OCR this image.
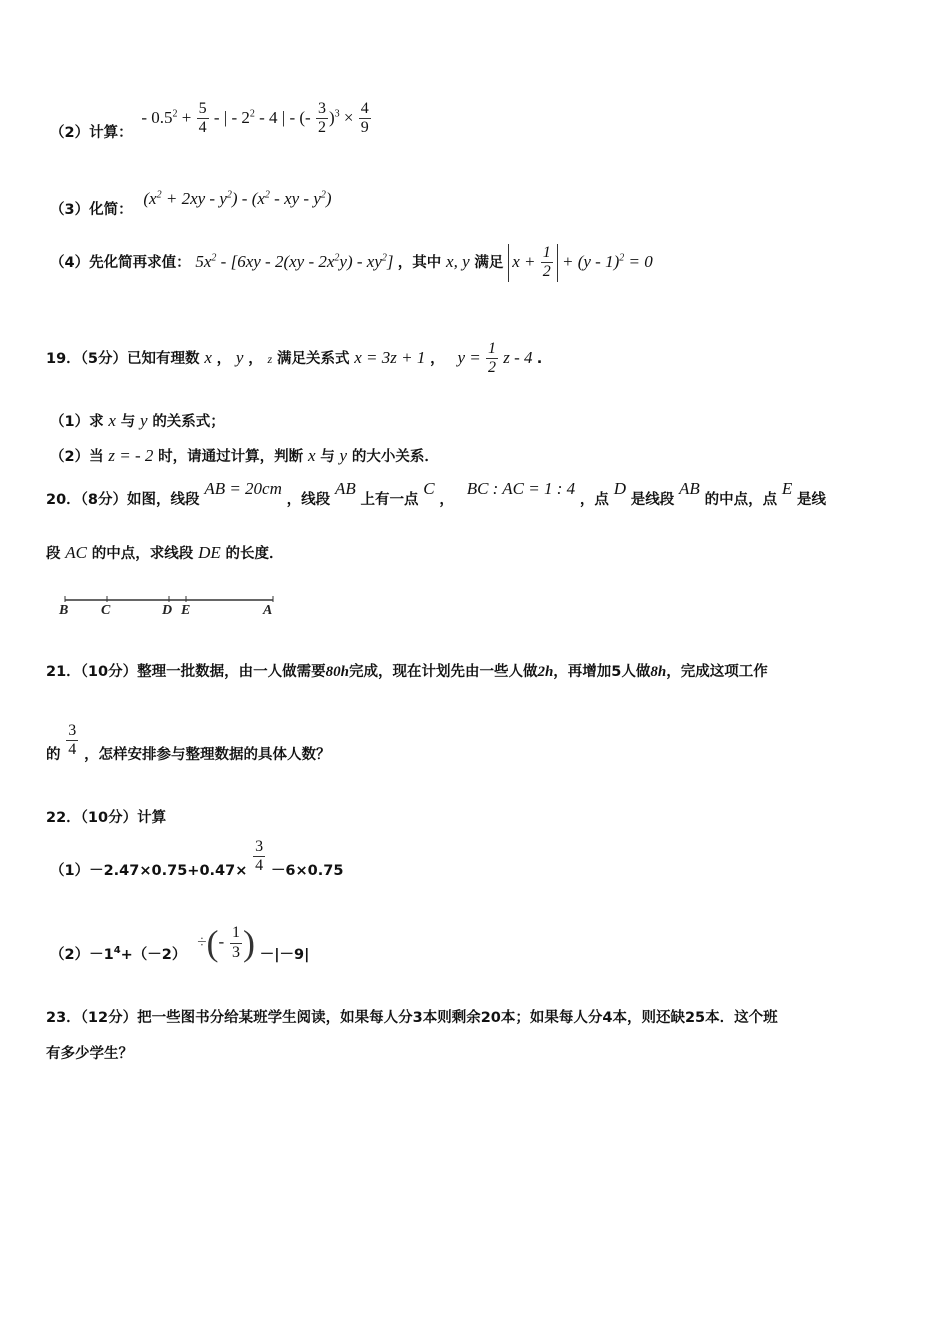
（2）计算： - $0.5^2 + \frac{5}{4}$ - | - $2^2 - 4$ | - (- $\frac{3}{2} )^3 \times \frac{4}{9}$
（3）化简： $(x^2 + 2xy - y^2) - (x^2$ - xy - $y^2$)
（4）先化简再求值： $5x^2 - [6xy - 2(xy - 2x^2y) - xy^2]$ ，其中 x, y 满足 $x + \frac{1}{2} + (y - 1)^2 = 0$
19．（5分）已知有理数 x ， y ， z 满足关系式 x = 3z + 1 ， $y = \frac{1}{2}$ z - 4 .
（1）求 x 与 y 的关系式；
（2）当 z = - 2 时，请通过计算，判断 x 与 y 的大小关系．
20．（8分）如图，线段 AB = 20cm ，线段 AB 上有一点 C ， BC : AC = 1 : 4 ，点 D 是线段 AB 的中点，点 E 是线
段 AC 的中点，求线段 DE 的长度．
B C	D E	A
21．（10分）整理一批数据，由一人做需要80h完成，现在计划先由一些人做2h，再增加5人做8h，完成这项工作
的 $\frac{3}{4}$ ，怎样安排参与整理数据的具体人数？
22．（10分）计算
$(1)-2.47\times 0.75+0.47\times \frac{3}{4} -6\times 0.75$
$(2)-1^4+(-2)$ ÷(- $\frac{1}{3}$ ) －|－9|
23．（12分）把一些图书分给某班学生阅读，如果每人分3本则剩余20本；如果每人分4本，则还缺25本．这个班
有多少学生？
